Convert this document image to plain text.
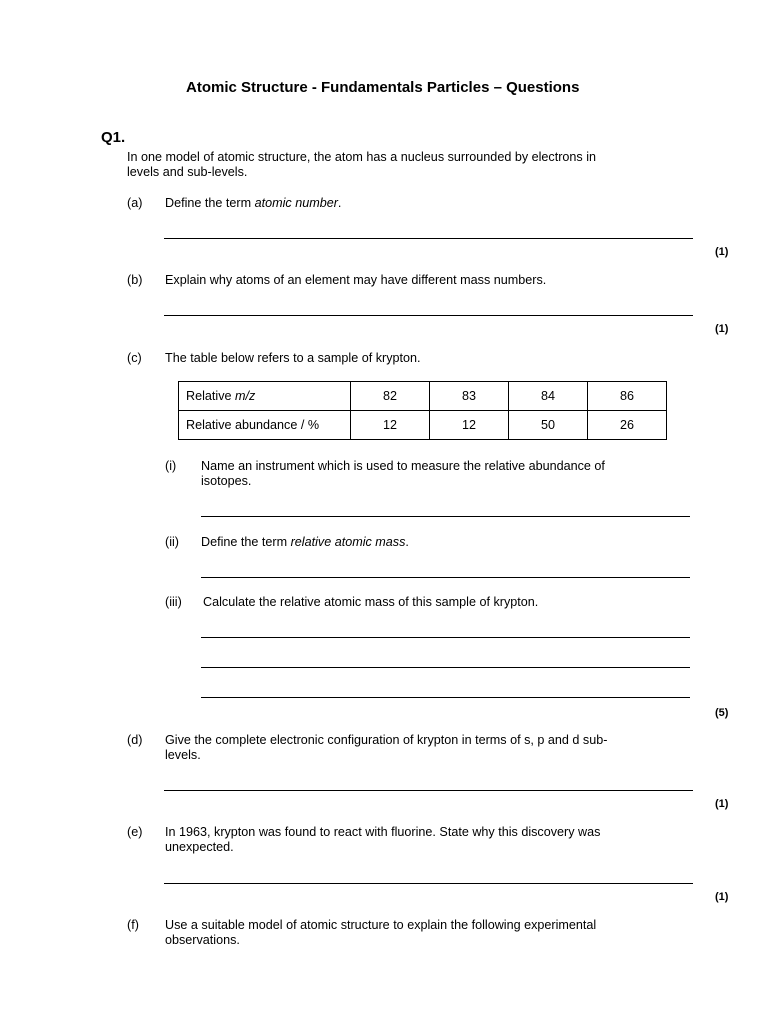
Atomic Structure - Fundamentals Particles – Questions
Q1.
In one model of atomic structure, the atom has a nucleus surrounded by electrons in
levels and sub-levels.
(a) Define the term atomic number.
(1)
(b) Explain why atoms of an element may have different mass numbers.
(1)
(c) The table below refers to a sample of krypton.
Relative m/z	82	83	84	86
Relative abundance / %	12	12	50	26
(i) Name an instrument which is used to measure the relative abundance of
isotopes.
(ii) Define the term relative atomic mass.
(iii) Calculate the relative atomic mass of this sample of krypton.
(5)
(d) Give the complete electronic configuration of krypton in terms of s, p and d sub-
levels.
(1)
(e) In 1963, krypton was found to react with fluorine. State why this discovery was
unexpected.
(1)
(f) Use a suitable model of atomic structure to explain the following experimental
observations.
